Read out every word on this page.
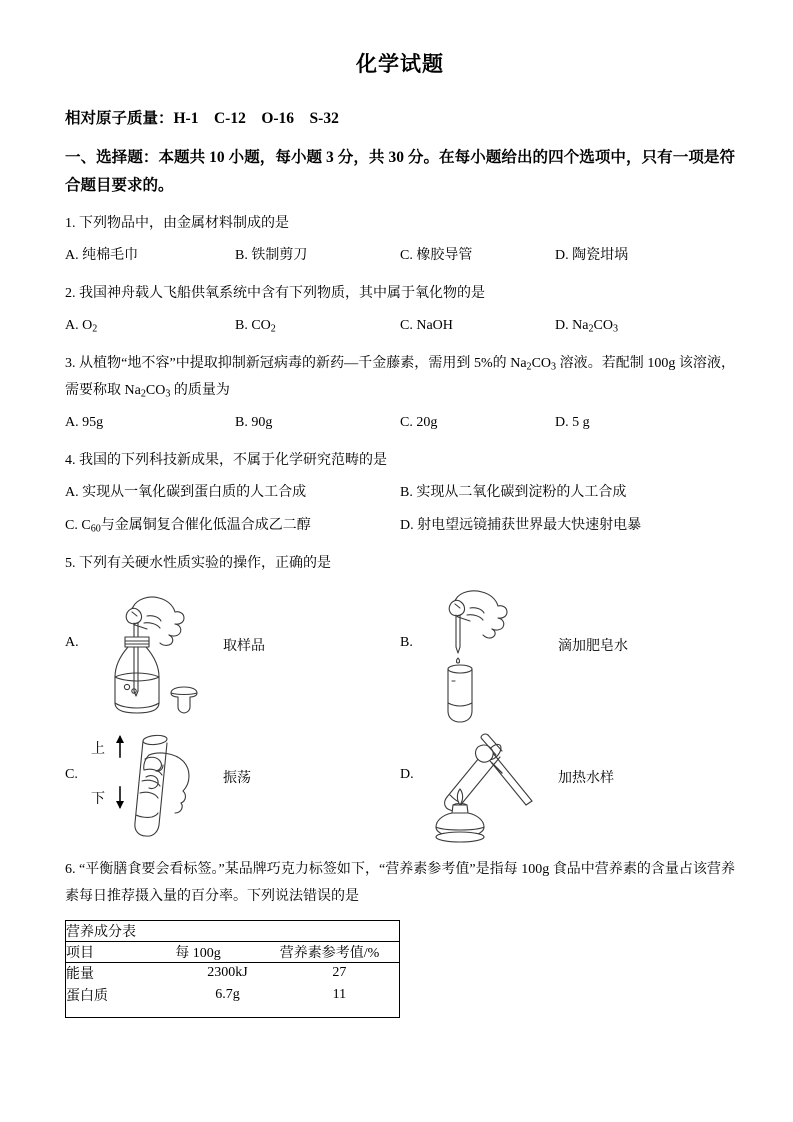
化学试题
相对原子质量：H-1    C-12    O-16    S-32
一、选择题：本题共 10 小题，每小题 3 分，共 30 分。在每小题给出的四个选项中，只有一项是符合题目要求的。
1. 下列物品中，由金属材料制成的是
A. 纯棉毛巾	B. 铁制剪刀	C. 橡胶导管	D. 陶瓷坩埚
2. 我国神舟载人飞船供氧系统中含有下列物质，其中属于氧化物的是
A. $O_2$	B. $CO_2$	C. NaOH	D. $Na_2CO_3$
3. 从植物“地不容”中提取抑制新冠病毒的新药—千金藤素，需用到 5%的 $Na_2CO_3$ 溶液。若配制 100g 该溶液，需要称取 $Na_2CO_3$ 的质量为
A. 95g	B. 90g	C. 20g	D. 5 g
4. 我国的下列科技新成果，不属于化学研究范畴的是
A. 实现从一氧化碳到蛋白质的人工合成	B. 实现从二氧化碳到淀粉的人工合成
C. $C_{60}$与金属铜复合催化低温合成乙二醇	D. 射电望远镜捕获世界最大快速射电暴
5. 下列有关硬水性质实验的操作，正确的是
A.	取样品	B.	滴加肥皂水
C.
上
下
振荡	D.	加热水样
6. “平衡膳食要会看标签。”某品牌巧克力标签如下，“营养素参考值”是指每 100g 食品中营养素的含量占该营养素每日推荐摄入量的百分率。下列说法错误的是
营养成分表		
项目	每 100g	营养素参考值/%
能量	2300kJ	27
蛋白质	6.7g	11
